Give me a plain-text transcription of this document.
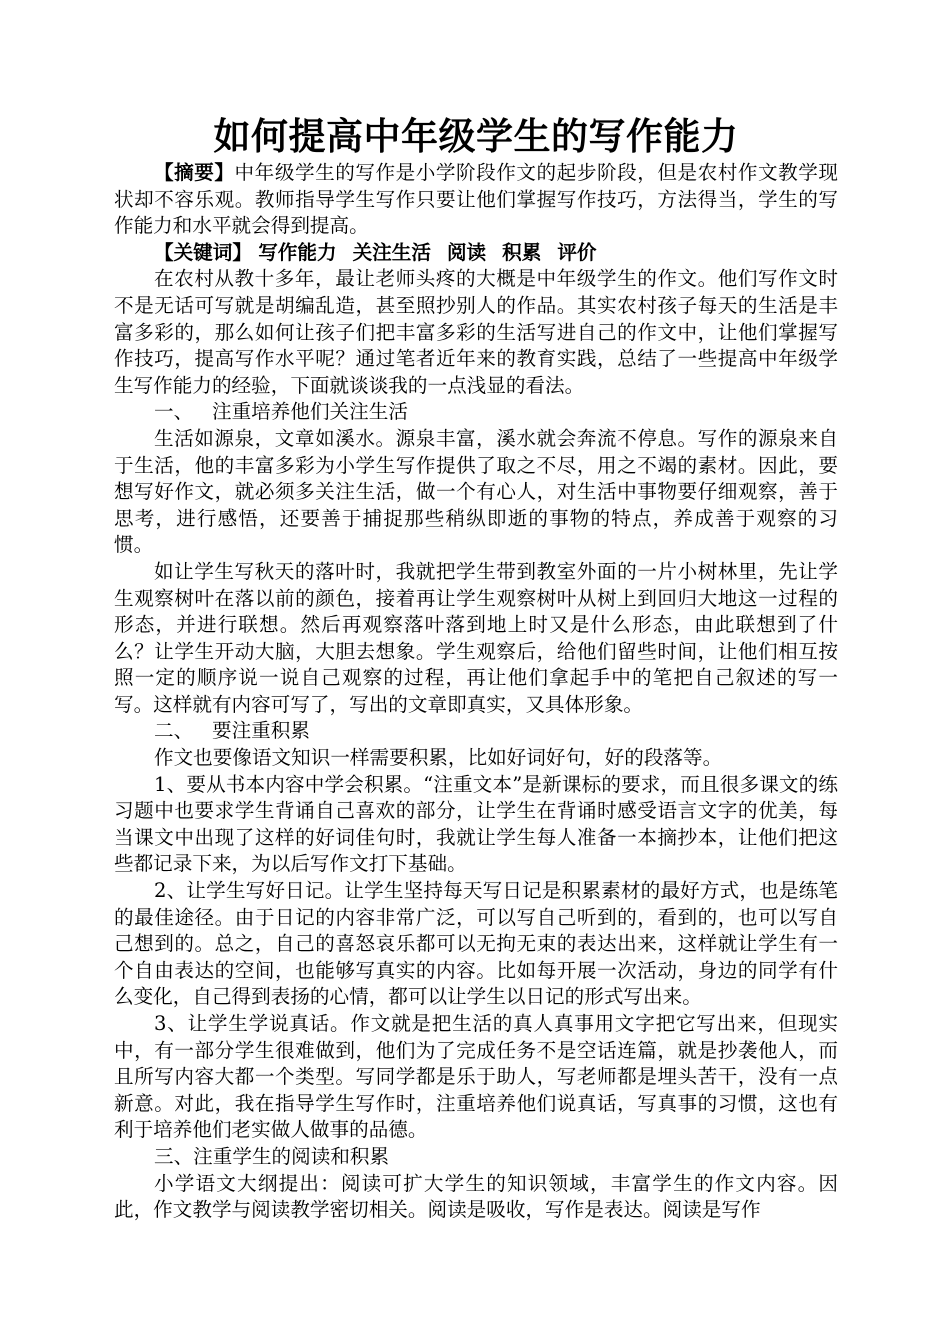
如何提高中年级学生的写作能力

【摘要】中年级学生的写作是小学阶段作文的起步阶段，但是农村作文教学现状却不容乐观。教师指导学生写作只要让他们掌握写作技巧，方法得当，学生的写作能力和水平就会得到提高。

【关键词】 写作能力 关注生活 阅读 积累 评价

在农村从教十多年，最让老师头疼的大概是中年级学生的作文。他们写作文时不是无话可写就是胡编乱造，甚至照抄别人的作品。其实农村孩子每天的生活是丰富多彩的，那么如何让孩子们把丰富多彩的生活写进自己的作文中，让他们掌握写作技巧，提高写作水平呢？通过笔者近年来的教育实践，总结了一些提高中年级学生写作能力的经验，下面就谈谈我的一点浅显的看法。

一、 注重培养他们关注生活

生活如源泉，文章如溪水。源泉丰富，溪水就会奔流不停息。写作的源泉来自于生活，他的丰富多彩为小学生写作提供了取之不尽，用之不竭的素材。因此，要想写好作文，就必须多关注生活，做一个有心人，对生活中事物要仔细观察，善于思考，进行感悟，还要善于捕捉那些稍纵即逝的事物的特点，养成善于观察的习惯。

如让学生写秋天的落叶时，我就把学生带到教室外面的一片小树林里，先让学生观察树叶在落以前的颜色，接着再让学生观察树叶从树上到回归大地这一过程的形态，并进行联想。然后再观察落叶落到地上时又是什么形态，由此联想到了什么？让学生开动大脑，大胆去想象。学生观察后，给他们留些时间，让他们相互按照一定的顺序说一说自己观察的过程，再让他们拿起手中的笔把自己叙述的写一写。这样就有内容可写了，写出的文章即真实，又具体形象。

二、 要注重积累

作文也要像语文知识一样需要积累，比如好词好句，好的段落等。

1、要从书本内容中学会积累。“注重文本”是新课标的要求，而且很多课文的练习题中也要求学生背诵自己喜欢的部分，让学生在背诵时感受语言文字的优美，每当课文中出现了这样的好词佳句时，我就让学生每人准备一本摘抄本，让他们把这些都记录下来，为以后写作文打下基础。

2、让学生写好日记。让学生坚持每天写日记是积累素材的最好方式，也是练笔的最佳途径。由于日记的内容非常广泛，可以写自己听到的，看到的，也可以写自己想到的。总之，自己的喜怒哀乐都可以无拘无束的表达出来，这样就让学生有一个自由表达的空间，也能够写真实的内容。比如每开展一次活动，身边的同学有什么变化，自己得到表扬的心情，都可以让学生以日记的形式写出来。

3、让学生学说真话。作文就是把生活的真人真事用文字把它写出来，但现实中，有一部分学生很难做到，他们为了完成任务不是空话连篇，就是抄袭他人，而且所写内容大都一个类型。写同学都是乐于助人，写老师都是埋头苦干，没有一点新意。对此，我在指导学生写作时，注重培养他们说真话，写真事的习惯，这也有利于培养他们老实做人做事的品德。

三、注重学生的阅读和积累

小学语文大纲提出：阅读可扩大学生的知识领域，丰富学生的作文内容。因此，作文教学与阅读教学密切相关。阅读是吸收，写作是表达。阅读是写作
